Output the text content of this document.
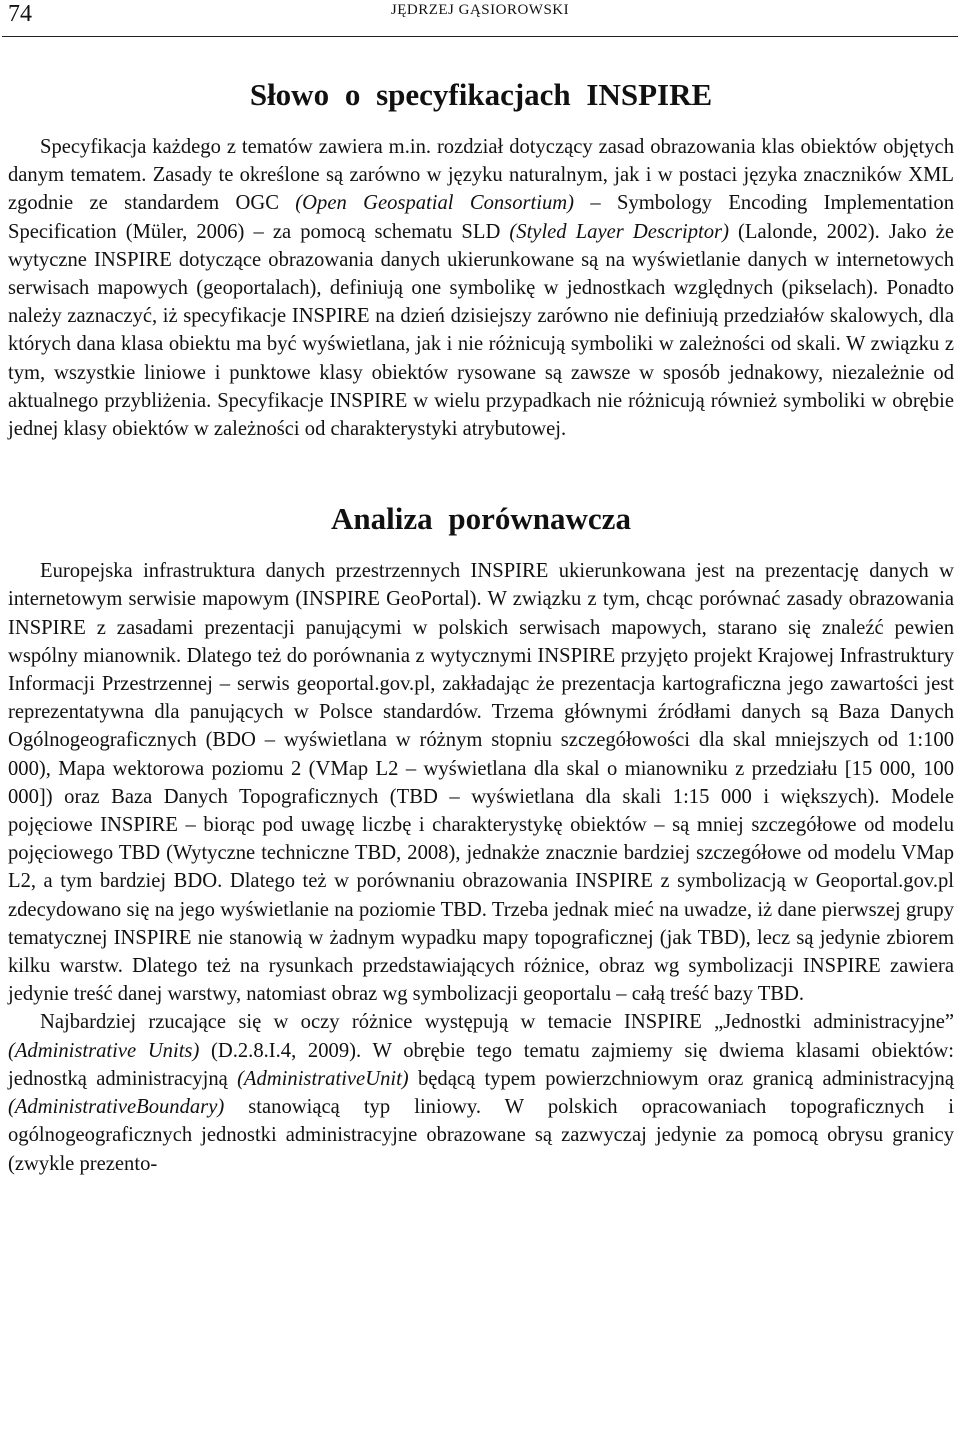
74	JĘDRZEJ GĄSIOROWSKI
Słowo o specyfikacjach INSPIRE

Specyfikacja każdego z tematów zawiera m.in. rozdział dotyczący zasad obrazowania klas obiektów objętych danym tematem. Zasady te określone są zarówno w języku naturalnym, jak i w postaci języka znaczników XML zgodnie ze standardem OGC (Open Geospatial Consortium) – Symbology Encoding Implementation Specification (Müler, 2006) – za pomocą schematu SLD (Styled Layer Descriptor) (Lalonde, 2002). Jako że wytyczne INSPIRE dotyczące obrazowania danych ukierunkowane są na wyświetlanie danych w internetowych serwisach mapowych (geoportalach), definiują one symbolikę w jednostkach względnych (pikselach). Ponadto należy zaznaczyć, iż specyfikacje INSPIRE na dzień dzisiejszy zarówno nie definiują przedziałów skalowych, dla których dana klasa obiektu ma być wyświetlana, jak i nie różnicują symboliki w zależności od skali. W związku z tym, wszystkie liniowe i punktowe klasy obiektów rysowane są zawsze w sposób jednakowy, niezależnie od aktualnego przybliżenia. Specyfikacje INSPIRE w wielu przypadkach nie różnicują również symboliki w obrębie jednej klasy obiektów w zależności od charakterystyki atrybutowej.

Analiza porównawcza

Europejska infrastruktura danych przestrzennych INSPIRE ukierunkowana jest na prezentację danych w internetowym serwisie mapowym (INSPIRE GeoPortal). W związku z tym, chcąc porównać zasady obrazowania INSPIRE z zasadami prezentacji panującymi w polskich serwisach mapowych, starano się znaleźć pewien wspólny mianownik. Dlatego też do porównania z wytycznymi INSPIRE przyjęto projekt Krajowej Infrastruktury Informacji Przestrzennej – serwis geoportal.gov.pl, zakładając że prezentacja kartograficzna jego zawartości jest reprezentatywna dla panujących w Polsce standardów. Trzema głównymi źródłami danych są Baza Danych Ogólnogeograficznych (BDO – wyświetlana w różnym stopniu szczegółowości dla skal mniejszych od 1:100 000), Mapa wektorowa poziomu 2 (VMap L2 – wyświetlana dla skal o mianowniku z przedziału [15 000, 100 000]) oraz Baza Danych Topograficznych (TBD – wyświetlana dla skali 1:15 000 i większych). Modele pojęciowe INSPIRE – biorąc pod uwagę liczbę i charakterystykę obiektów – są mniej szczegółowe od modelu pojęciowego TBD (Wytyczne techniczne TBD, 2008), jednakże znacznie bardziej szczegółowe od modelu VMap L2, a tym bardziej BDO. Dlatego też w porównaniu obrazowania INSPIRE z symbolizacją w Geoportal.gov.pl zdecydowano się na jego wyświetlanie na poziomie TBD. Trzeba jednak mieć na uwadze, iż dane pierwszej grupy tematycznej INSPIRE nie stanowią w żadnym wypadku mapy topograficznej (jak TBD), lecz są jedynie zbiorem kilku warstw. Dlatego też na rysunkach przedstawiających różnice, obraz wg symbolizacji INSPIRE zawiera jedynie treść danej warstwy, natomiast obraz wg symbolizacji geoportalu – całą treść bazy TBD.

Najbardziej rzucające się w oczy różnice występują w temacie INSPIRE „Jednostki administracyjne” (Administrative Units) (D.2.8.I.4, 2009). W obrębie tego tematu zajmiemy się dwiema klasami obiektów: jednostką administracyjną (AdministrativeUnit) będącą typem powierzchniowym oraz granicą administracyjną (AdministrativeBoundary) stanowiącą typ liniowy. W polskich opracowaniach topograficznych i ogólnogeograficznych jednostki administracyjne obrazowane są zazwyczaj jedynie za pomocą obrysu granicy (zwykle prezento-
